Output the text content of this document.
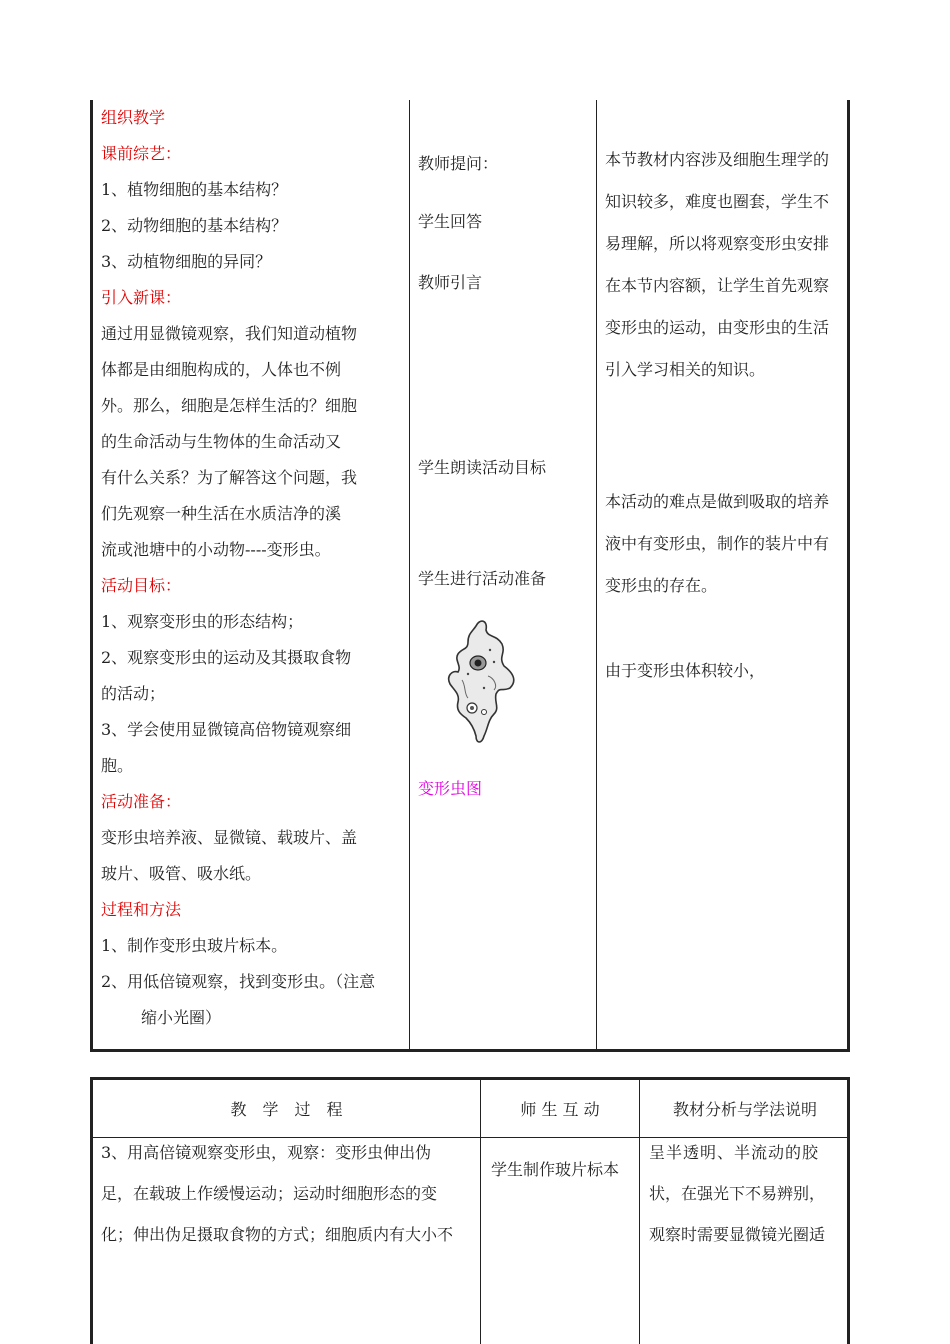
组织教学
课前综艺：
1、植物细胞的基本结构？
2、动物细胞的基本结构？
3、动植物细胞的异同？
引入新课：
通过用显微镜观察，我们知道动植物
体都是由细胞构成的，人体也不例
外。那么，细胞是怎样生活的？细胞
的生命活动与生物体的生命活动又
有什么关系？为了解答这个问题，我
们先观察一种生活在水质洁净的溪
流或池塘中的小动物----变形虫。
活动目标：
1、观察变形虫的形态结构；
2、观察变形虫的运动及其摄取食物
的活动；
3、学会使用显微镜高倍物镜观察细
胞。
活动准备：
变形虫培养液、显微镜、载玻片、盖
玻片、吸管、吸水纸。
过程和方法
1、制作变形虫玻片标本。
2、用低倍镜观察，找到变形虫。（注意
缩小光圈）
教师提问：
学生回答
教师引言
学生朗读活动目标
学生进行活动准备
变形虫图
本节教材内容涉及细胞生理学的
知识较多，难度也圈套，学生不
易理解，所以将观察变形虫安排
在本节内容额，让学生首先观察
变形虫的运动，由变形虫的生活
引入学习相关的知识。
本活动的难点是做到吸取的培养
液中有变形虫，制作的装片中有
变形虫的存在。
由于变形虫体积较小，
教　学　过　程	师 生 互 动	教材分析与学法说明
3、用高倍镜观察变形虫，观察：变形虫伸出伪
足，在载玻上作缓慢运动；运动时细胞形态的变
化；伸出伪足摄取食物的方式；细胞质内有大小不
学生制作玻片标本
呈半透明、半流动的胶
状，在强光下不易辨别，
观察时需要显微镜光圈适
